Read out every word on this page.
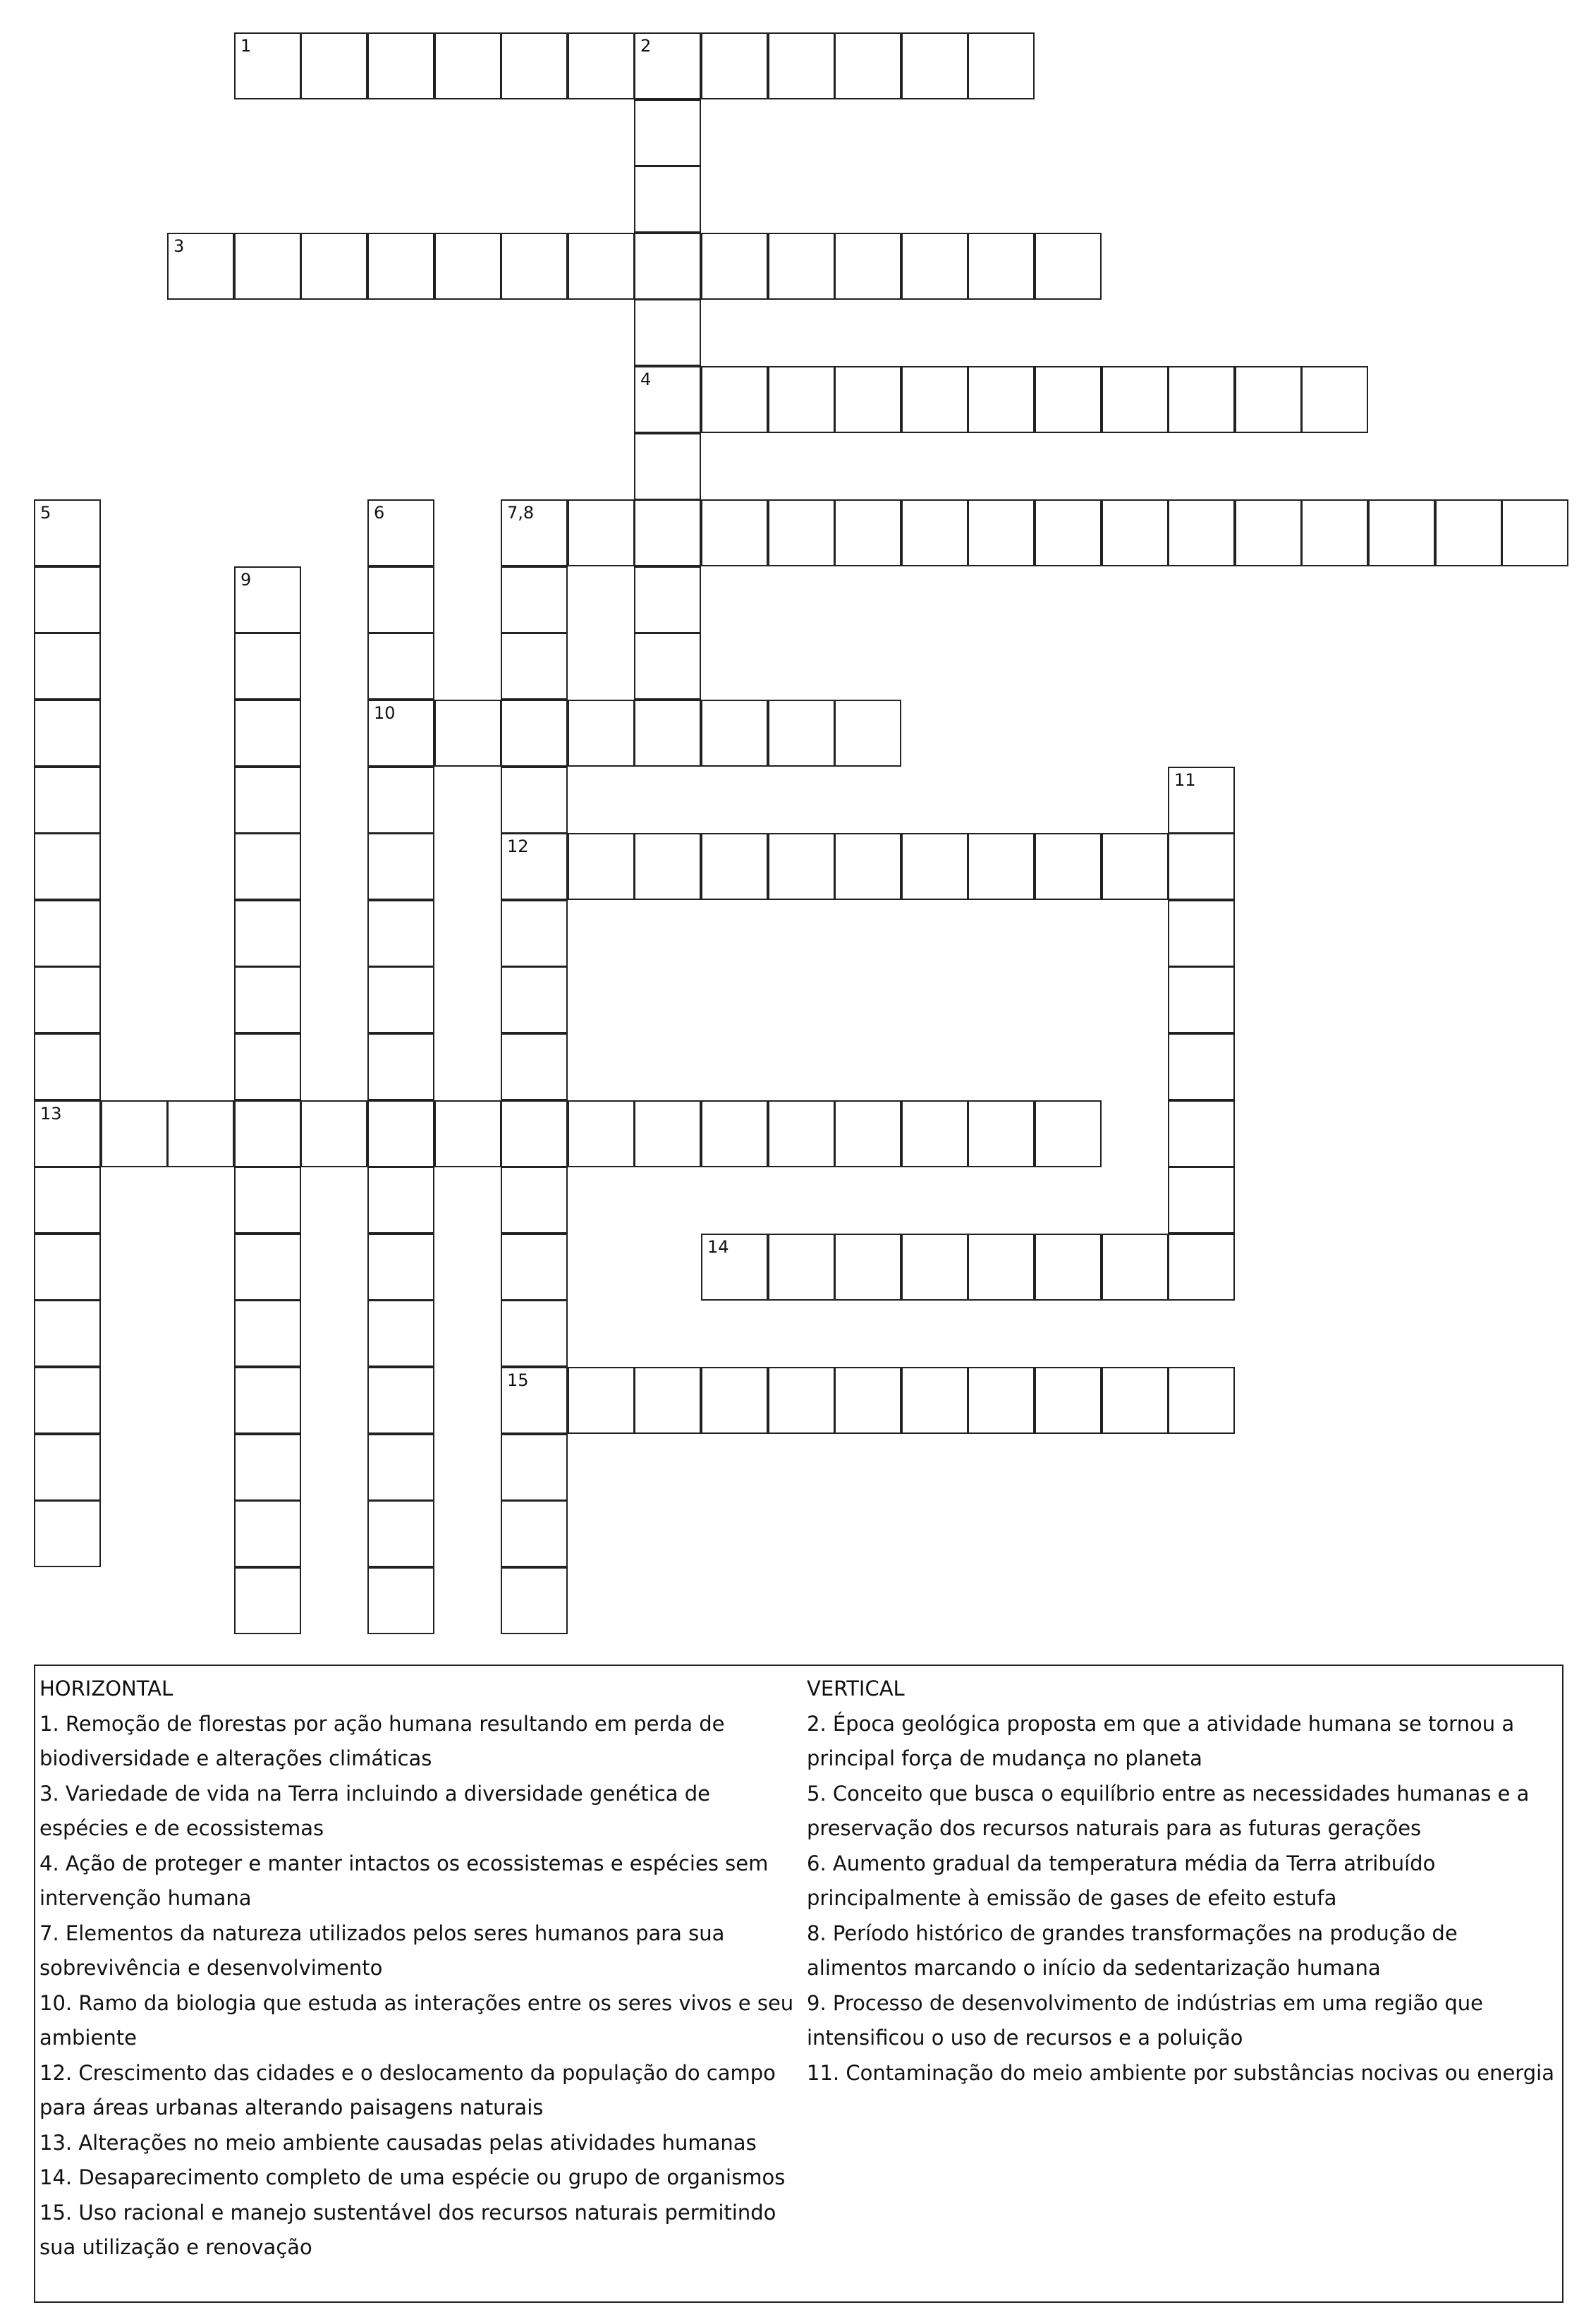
1	2
4
3
5
13
6
10
7,8
12
15
9
11
14
HORIZONTAL
1. Remoção de florestas por ação humana resultando em perda de biodiversidade e alterações climáticas
3. Variedade de vida na Terra incluindo a diversidade genética de espécies e de ecossistemas
4. Ação de proteger e manter intactos os ecossistemas e espécies sem intervenção humana
7. Elementos da natureza utilizados pelos seres humanos para sua sobrevivência e desenvolvimento
10. Ramo da biologia que estuda as interações entre os seres vivos e seu ambiente
12. Crescimento das cidades e o deslocamento da população do campo para áreas urbanas alterando paisagens naturais
13. Alterações no meio ambiente causadas pelas atividades humanas
14. Desaparecimento completo de uma espécie ou grupo de organismos
15. Uso racional e manejo sustentável dos recursos naturais permitindo sua utilização e renovação
VERTICAL
2. Época geológica proposta em que a atividade humana se tornou a principal força de mudança no planeta
5. Conceito que busca o equilíbrio entre as necessidades humanas e a preservação dos recursos naturais para as futuras gerações
6. Aumento gradual da temperatura média da Terra atribuído principalmente à emissão de gases de efeito estufa
8. Período histórico de grandes transformações na produção de alimentos marcando o início da sedentarização humana
9. Processo de desenvolvimento de indústrias em uma região que intensificou o uso de recursos e a poluição
11. Contaminação do meio ambiente por substâncias nocivas ou energia
